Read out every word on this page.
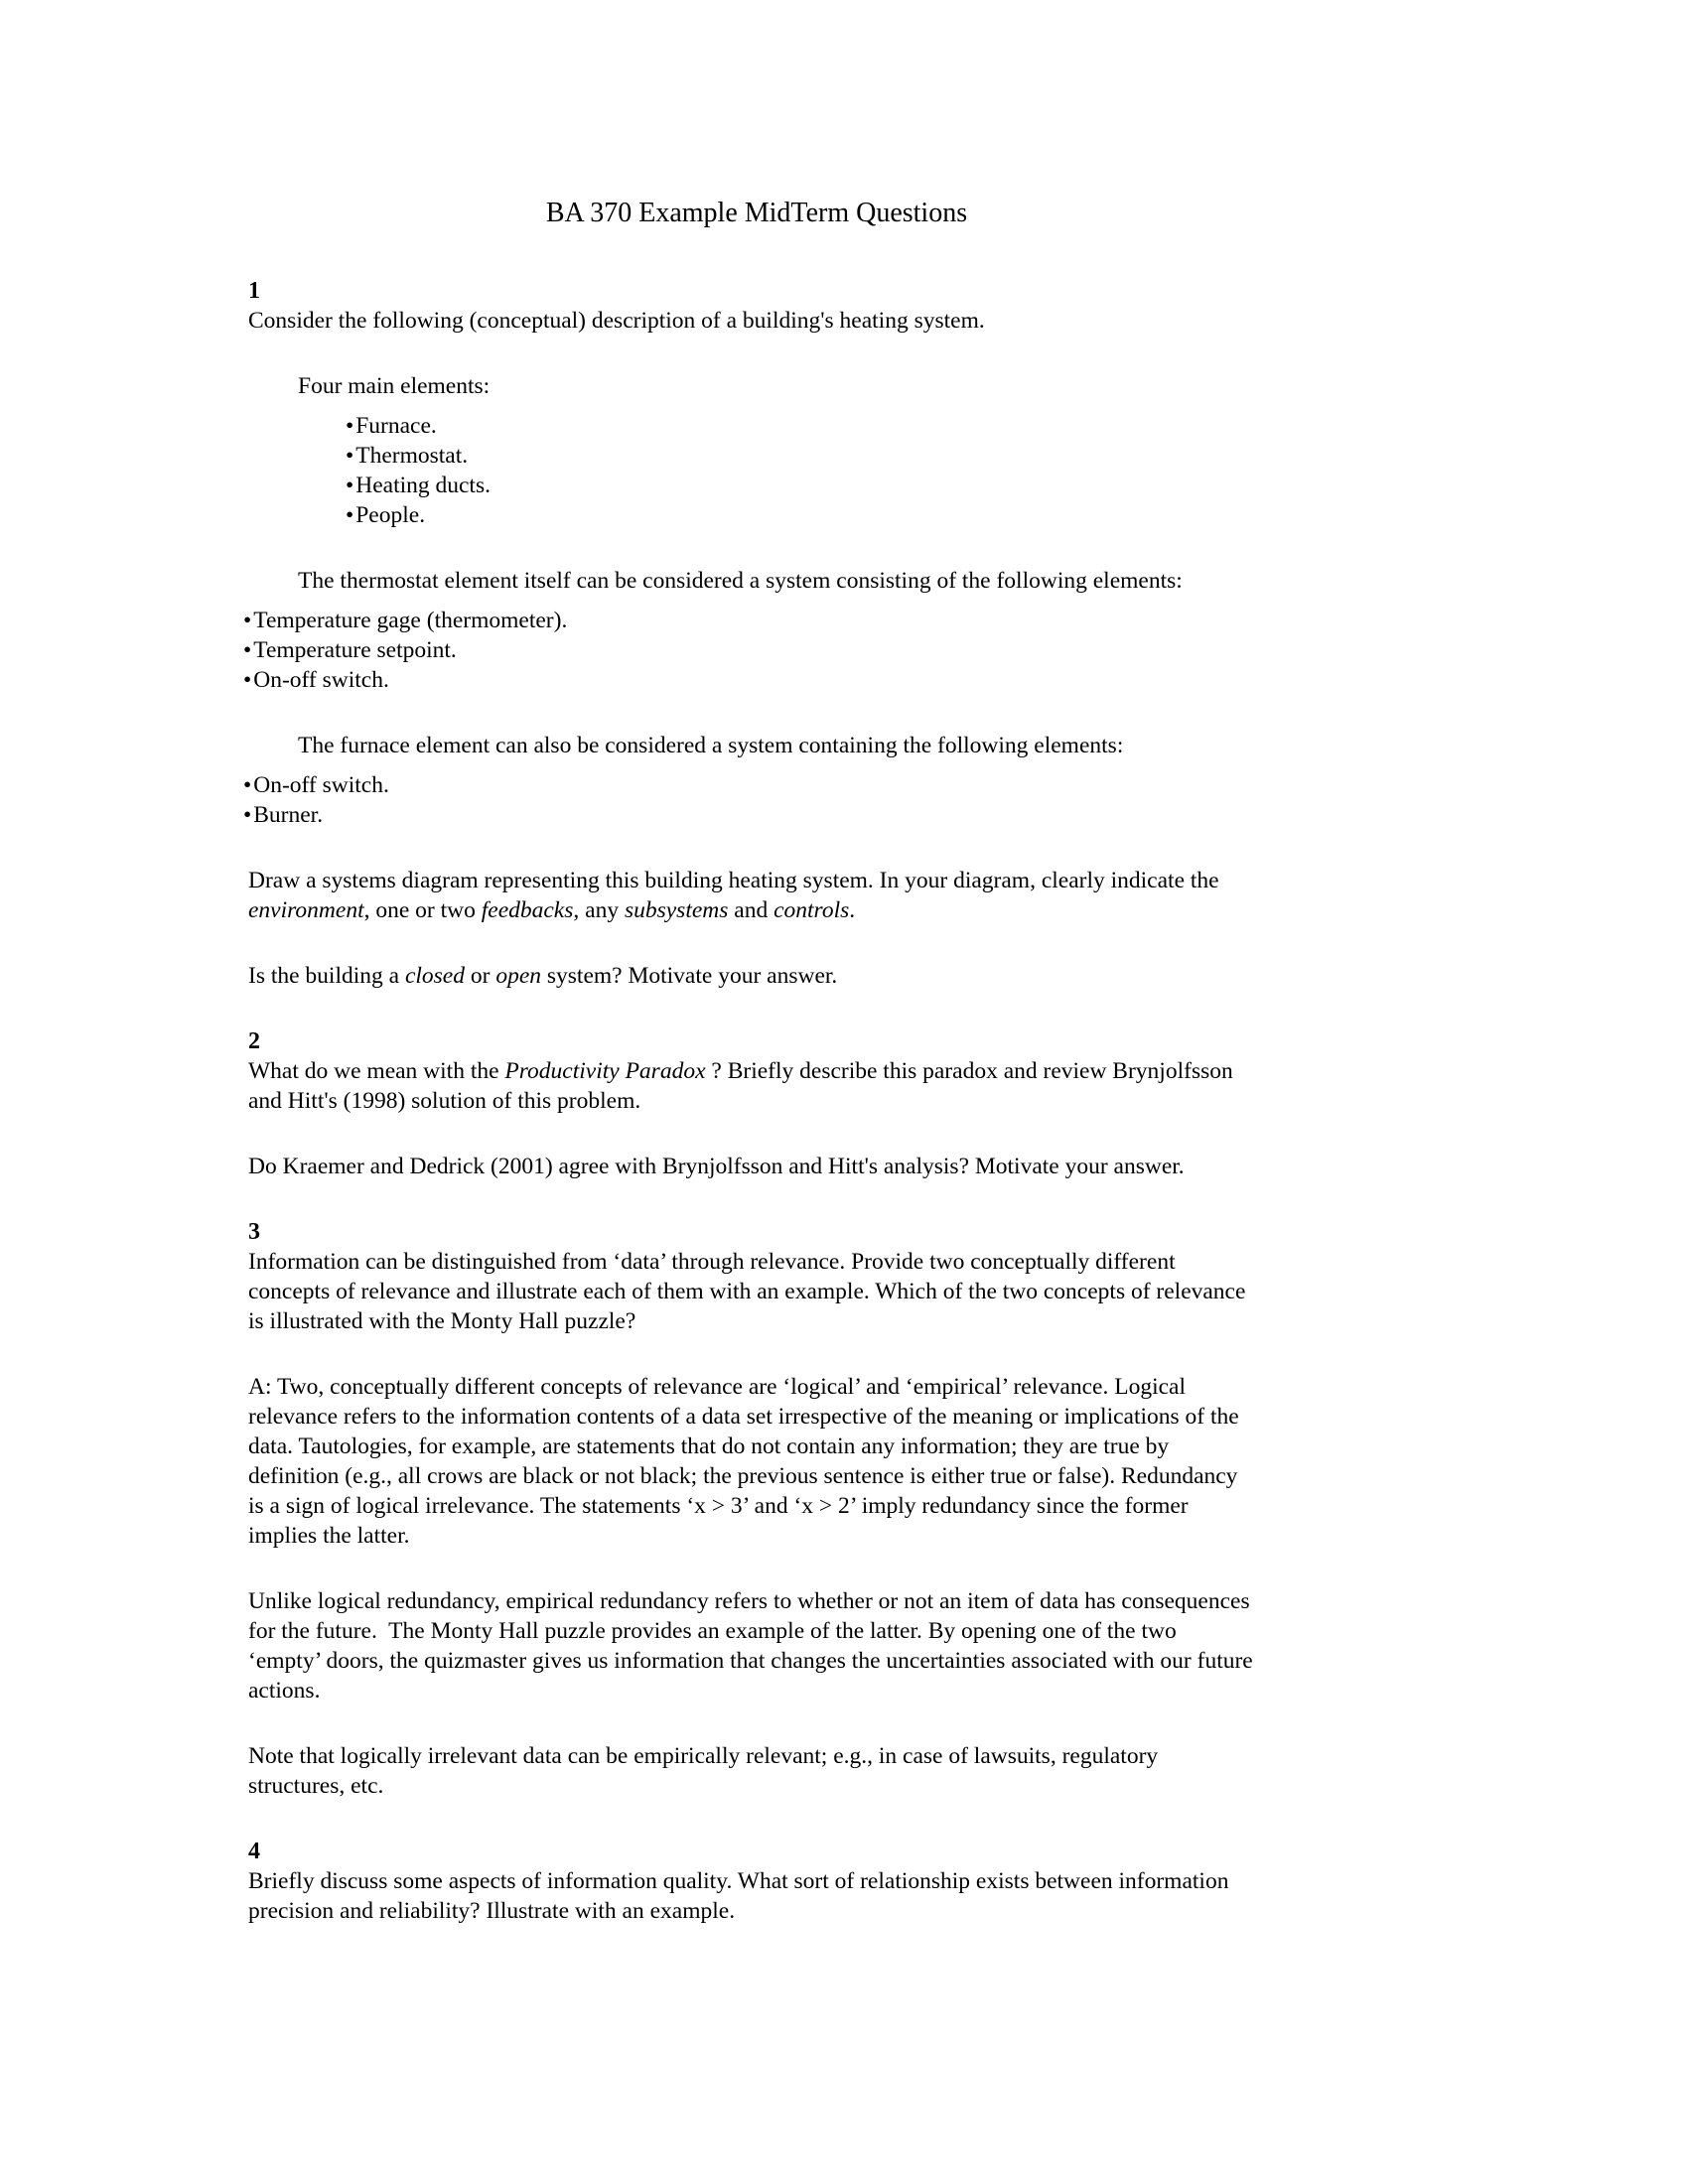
BA 370 Example MidTerm Questions
1
Consider the following (conceptual) description of a building's heating system.
Four main elements:
•Furnace.
•Thermostat.
•Heating ducts.
•People.
The thermostat element itself can be considered a system consisting of the following elements:
•Temperature gage (thermometer).
•Temperature setpoint.
•On-off switch.
The furnace element can also be considered a system containing the following elements:
•On-off switch.
•Burner.
Draw a systems diagram representing this building heating system. In your diagram, clearly indicate the
environment, one or two feedbacks, any subsystems and controls.
Is the building a closed or open system? Motivate your answer.
2
What do we mean with the Productivity Paradox ? Briefly describe this paradox and review Brynjolfsson
and Hitt's (1998) solution of this problem.
Do Kraemer and Dedrick (2001) agree with Brynjolfsson and Hitt's analysis? Motivate your answer.
3
Information can be distinguished from ‘data’ through relevance. Provide two conceptually different
concepts of relevance and illustrate each of them with an example. Which of the two concepts of relevance
is illustrated with the Monty Hall puzzle?
A: Two, conceptually different concepts of relevance are ‘logical’ and ‘empirical’ relevance. Logical
relevance refers to the information contents of a data set irrespective of the meaning or implications of the
data. Tautologies, for example, are statements that do not contain any information; they are true by
definition (e.g., all crows are black or not black; the previous sentence is either true or false). Redundancy
is a sign of logical irrelevance. The statements ‘x > 3’ and ‘x > 2’ imply redundancy since the former
implies the latter.
Unlike logical redundancy, empirical redundancy refers to whether or not an item of data has consequences
for the future.  The Monty Hall puzzle provides an example of the latter. By opening one of the two
‘empty’ doors, the quizmaster gives us information that changes the uncertainties associated with our future
actions.
Note that logically irrelevant data can be empirically relevant; e.g., in case of lawsuits, regulatory
structures, etc.
4
Briefly discuss some aspects of information quality. What sort of relationship exists between information
precision and reliability? Illustrate with an example.
